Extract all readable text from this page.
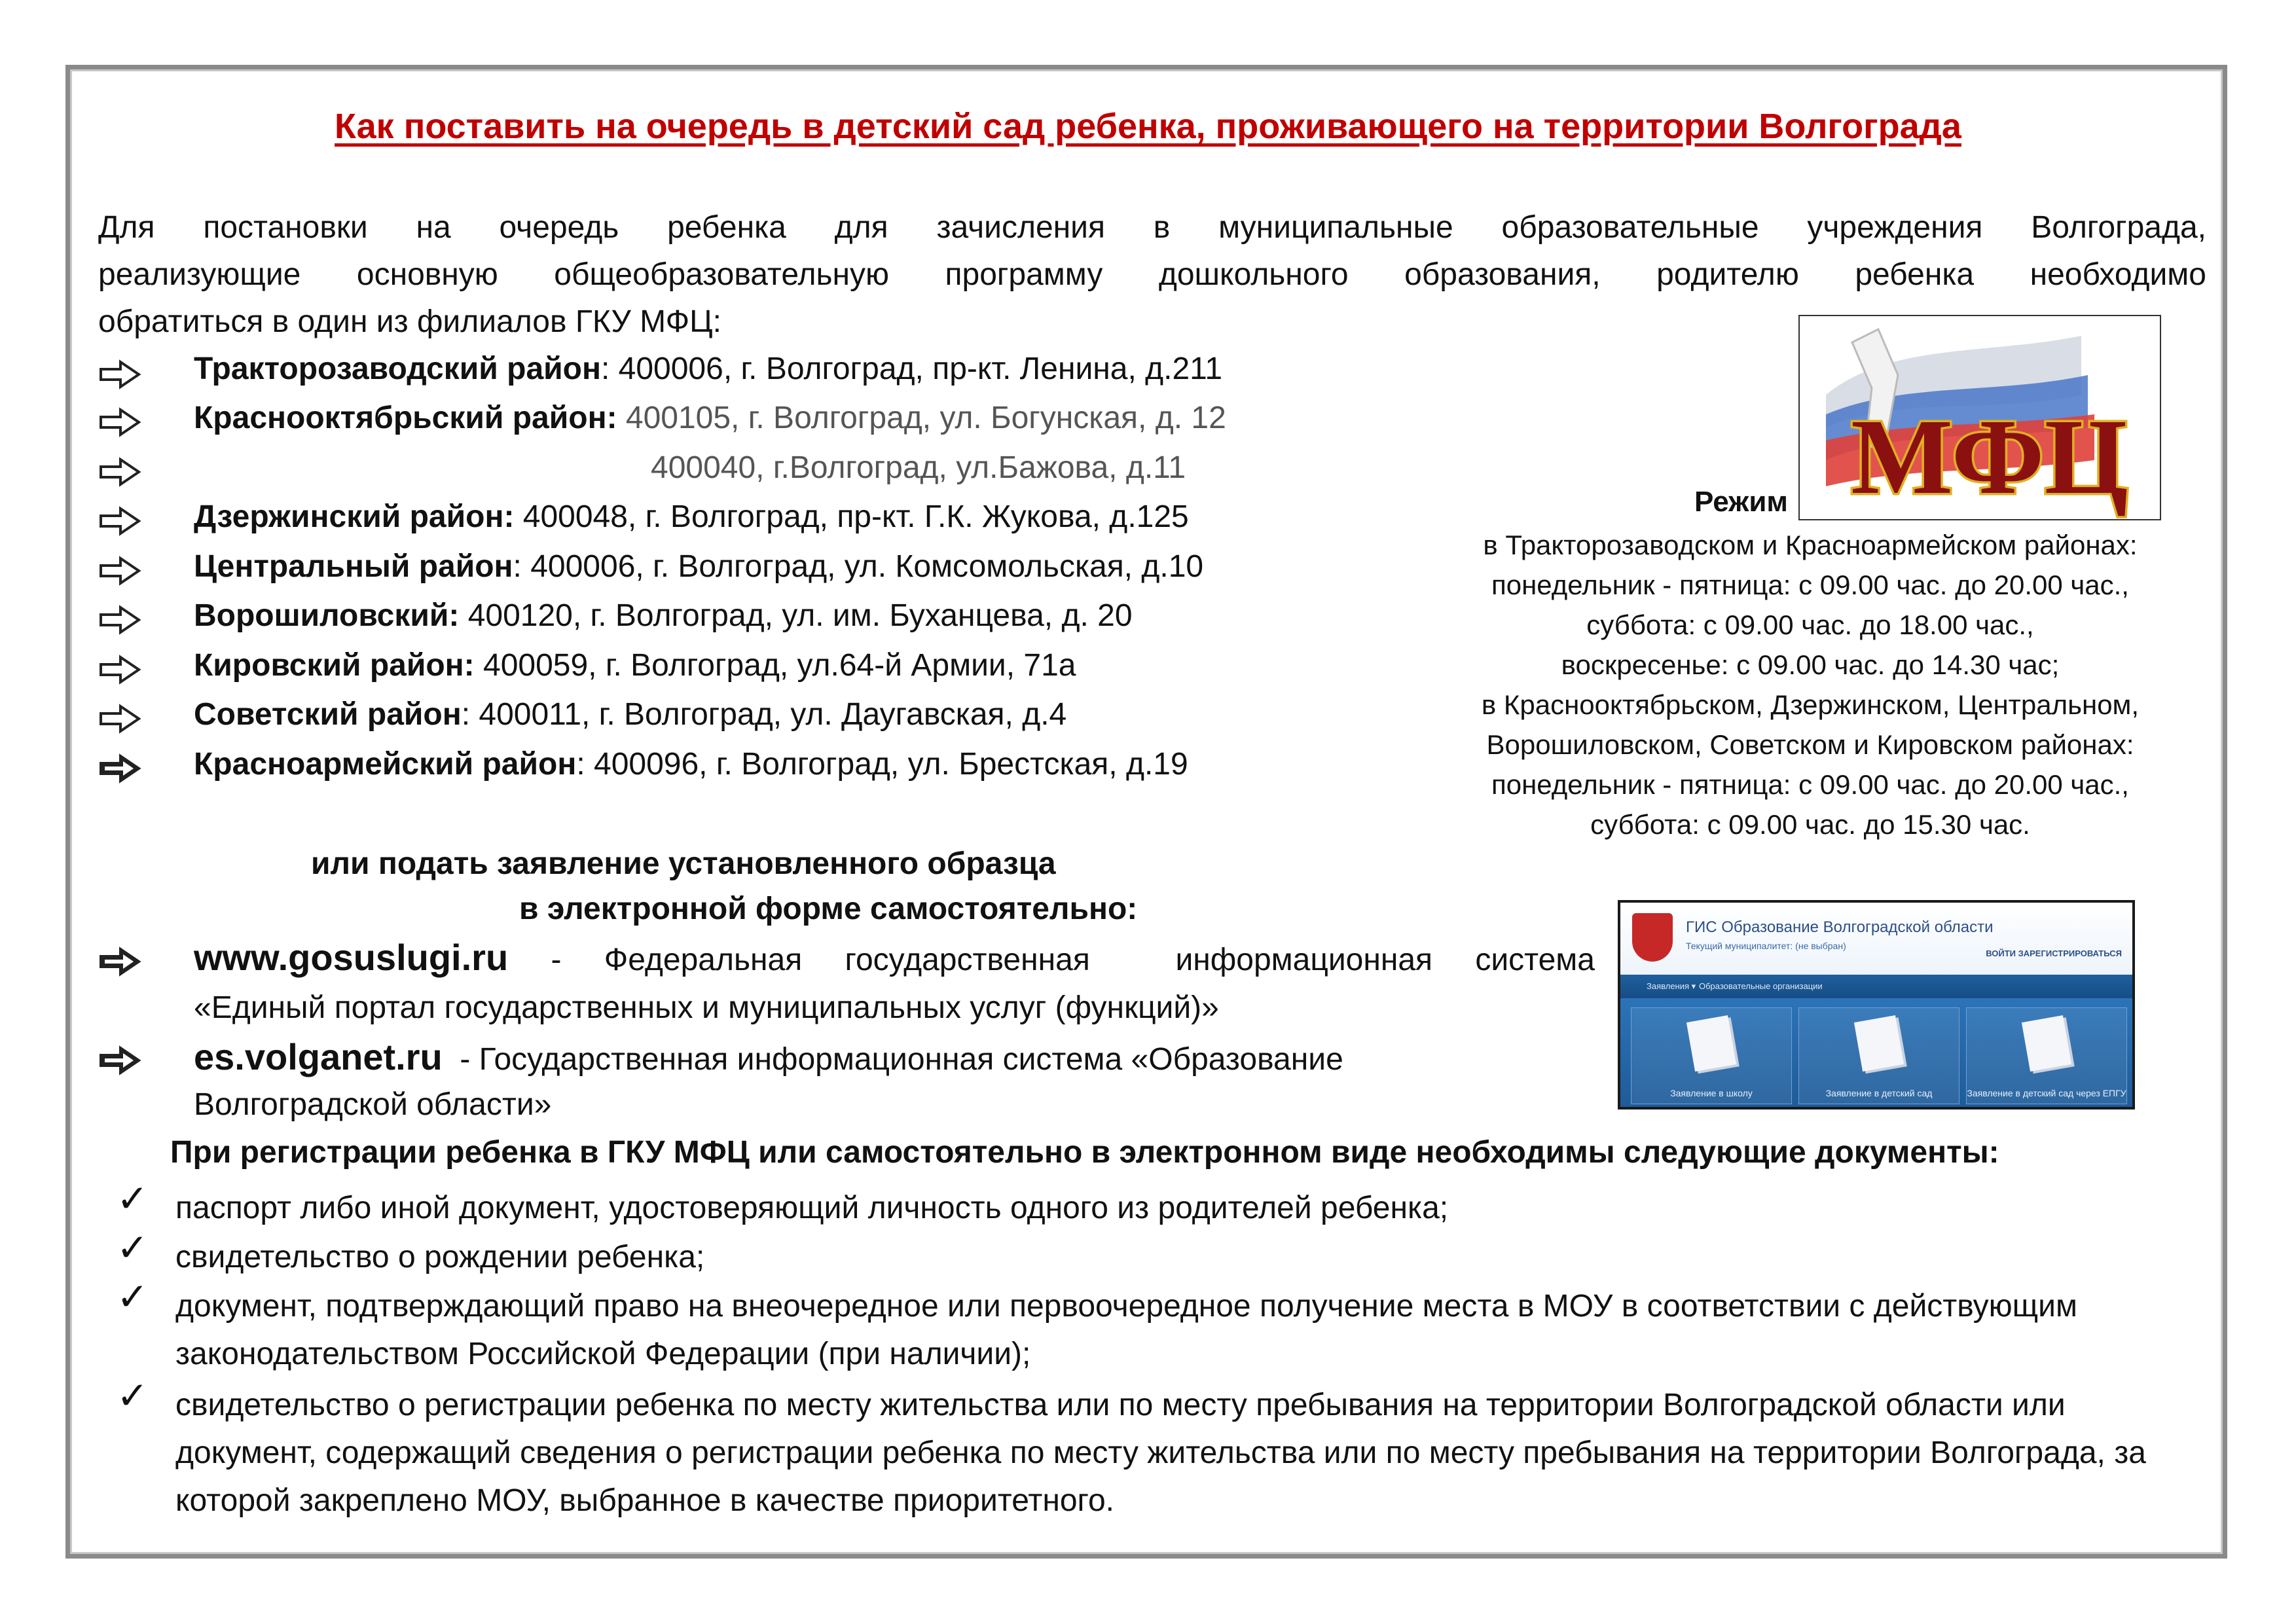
Как поставить на очередь в детский сад ребенка, проживающего на территории Волгограда
Для постановки на очередь ребенка для зачисления в муниципальные образовательные учреждения Волгограда,
реализующие основную общеобразовательную программу дошкольного образования, родителю ребенка необходимо
обратиться в один из филиалов ГКУ МФЦ:
Тракторозаводский район: 400006, г. Волгоград, пр-кт. Ленина, д.211
Краснооктябрьский район: 400105, г. Волгоград, ул. Богунская, д. 12
400040, г.Волгоград, ул.Бажова, д.11
Дзержинский район: 400048, г. Волгоград, пр-кт. Г.К. Жукова, д.125
Центральный район: 400006, г. Волгоград, ул. Комсомольская, д.10
Ворошиловский: 400120, г. Волгоград, ул. им. Буханцева, д. 20
Кировский район: 400059, г. Волгоград, ул.64-й Армии, 71а
Советский район: 400011, г. Волгоград, ул. Даугавская, д.4
Красноармейский район: 400096, г. Волгоград, ул. Брестская, д.19
МФЦ
Режим
в Тракторозаводском и Красноармейском районах:
понедельник - пятница: с 09.00 час. до 20.00 час.,
суббота: с 09.00 час. до 18.00 час.,
воскресенье: с 09.00 час. до 14.30 час;
в Краснооктябрьском, Дзержинском, Центральном,
Ворошиловском, Советском и Кировском районах:
понедельник - пятница: с 09.00 час. до 20.00 час.,
суббота: с 09.00 час. до 15.30 час.
или подать заявление установленного образца
в электронной форме самостоятельно:
www.gosuslugi.ru -  Федеральная  государственная    информационная  система
«Единый портал государственных и муниципальных услуг (функций)»
es.volganet.ru  - Государственная информационная система «Образование
Волгоградской области»
ГИС Образование Волгоградской области
Текущий муниципалитет: (не выбран)
ВОЙТИ ЗАРЕГИСТРИРОВАТЬСЯ
Заявления ▾ Образовательные организации
Заявление в школу	Заявление в детский сад	Заявление в детский сад через ЕПГУ
При регистрации ребенка в ГКУ МФЦ или самостоятельно в электронном виде необходимы следующие документы:
✓ паспорт либо иной документ, удостоверяющий личность одного из родителей ребенка;
✓ свидетельство о рождении ребенка;
✓ документ, подтверждающий право на внеочередное или первоочередное получение места в МОУ в соответствии с действующим законодательством Российской Федерации (при наличии);
✓ свидетельство о регистрации ребенка по месту жительства или по месту пребывания на территории Волгоградской области или документ, содержащий сведения о регистрации ребенка по месту жительства или по месту пребывания на территории Волгограда, за которой закреплено МОУ, выбранное в качестве приоритетного.
